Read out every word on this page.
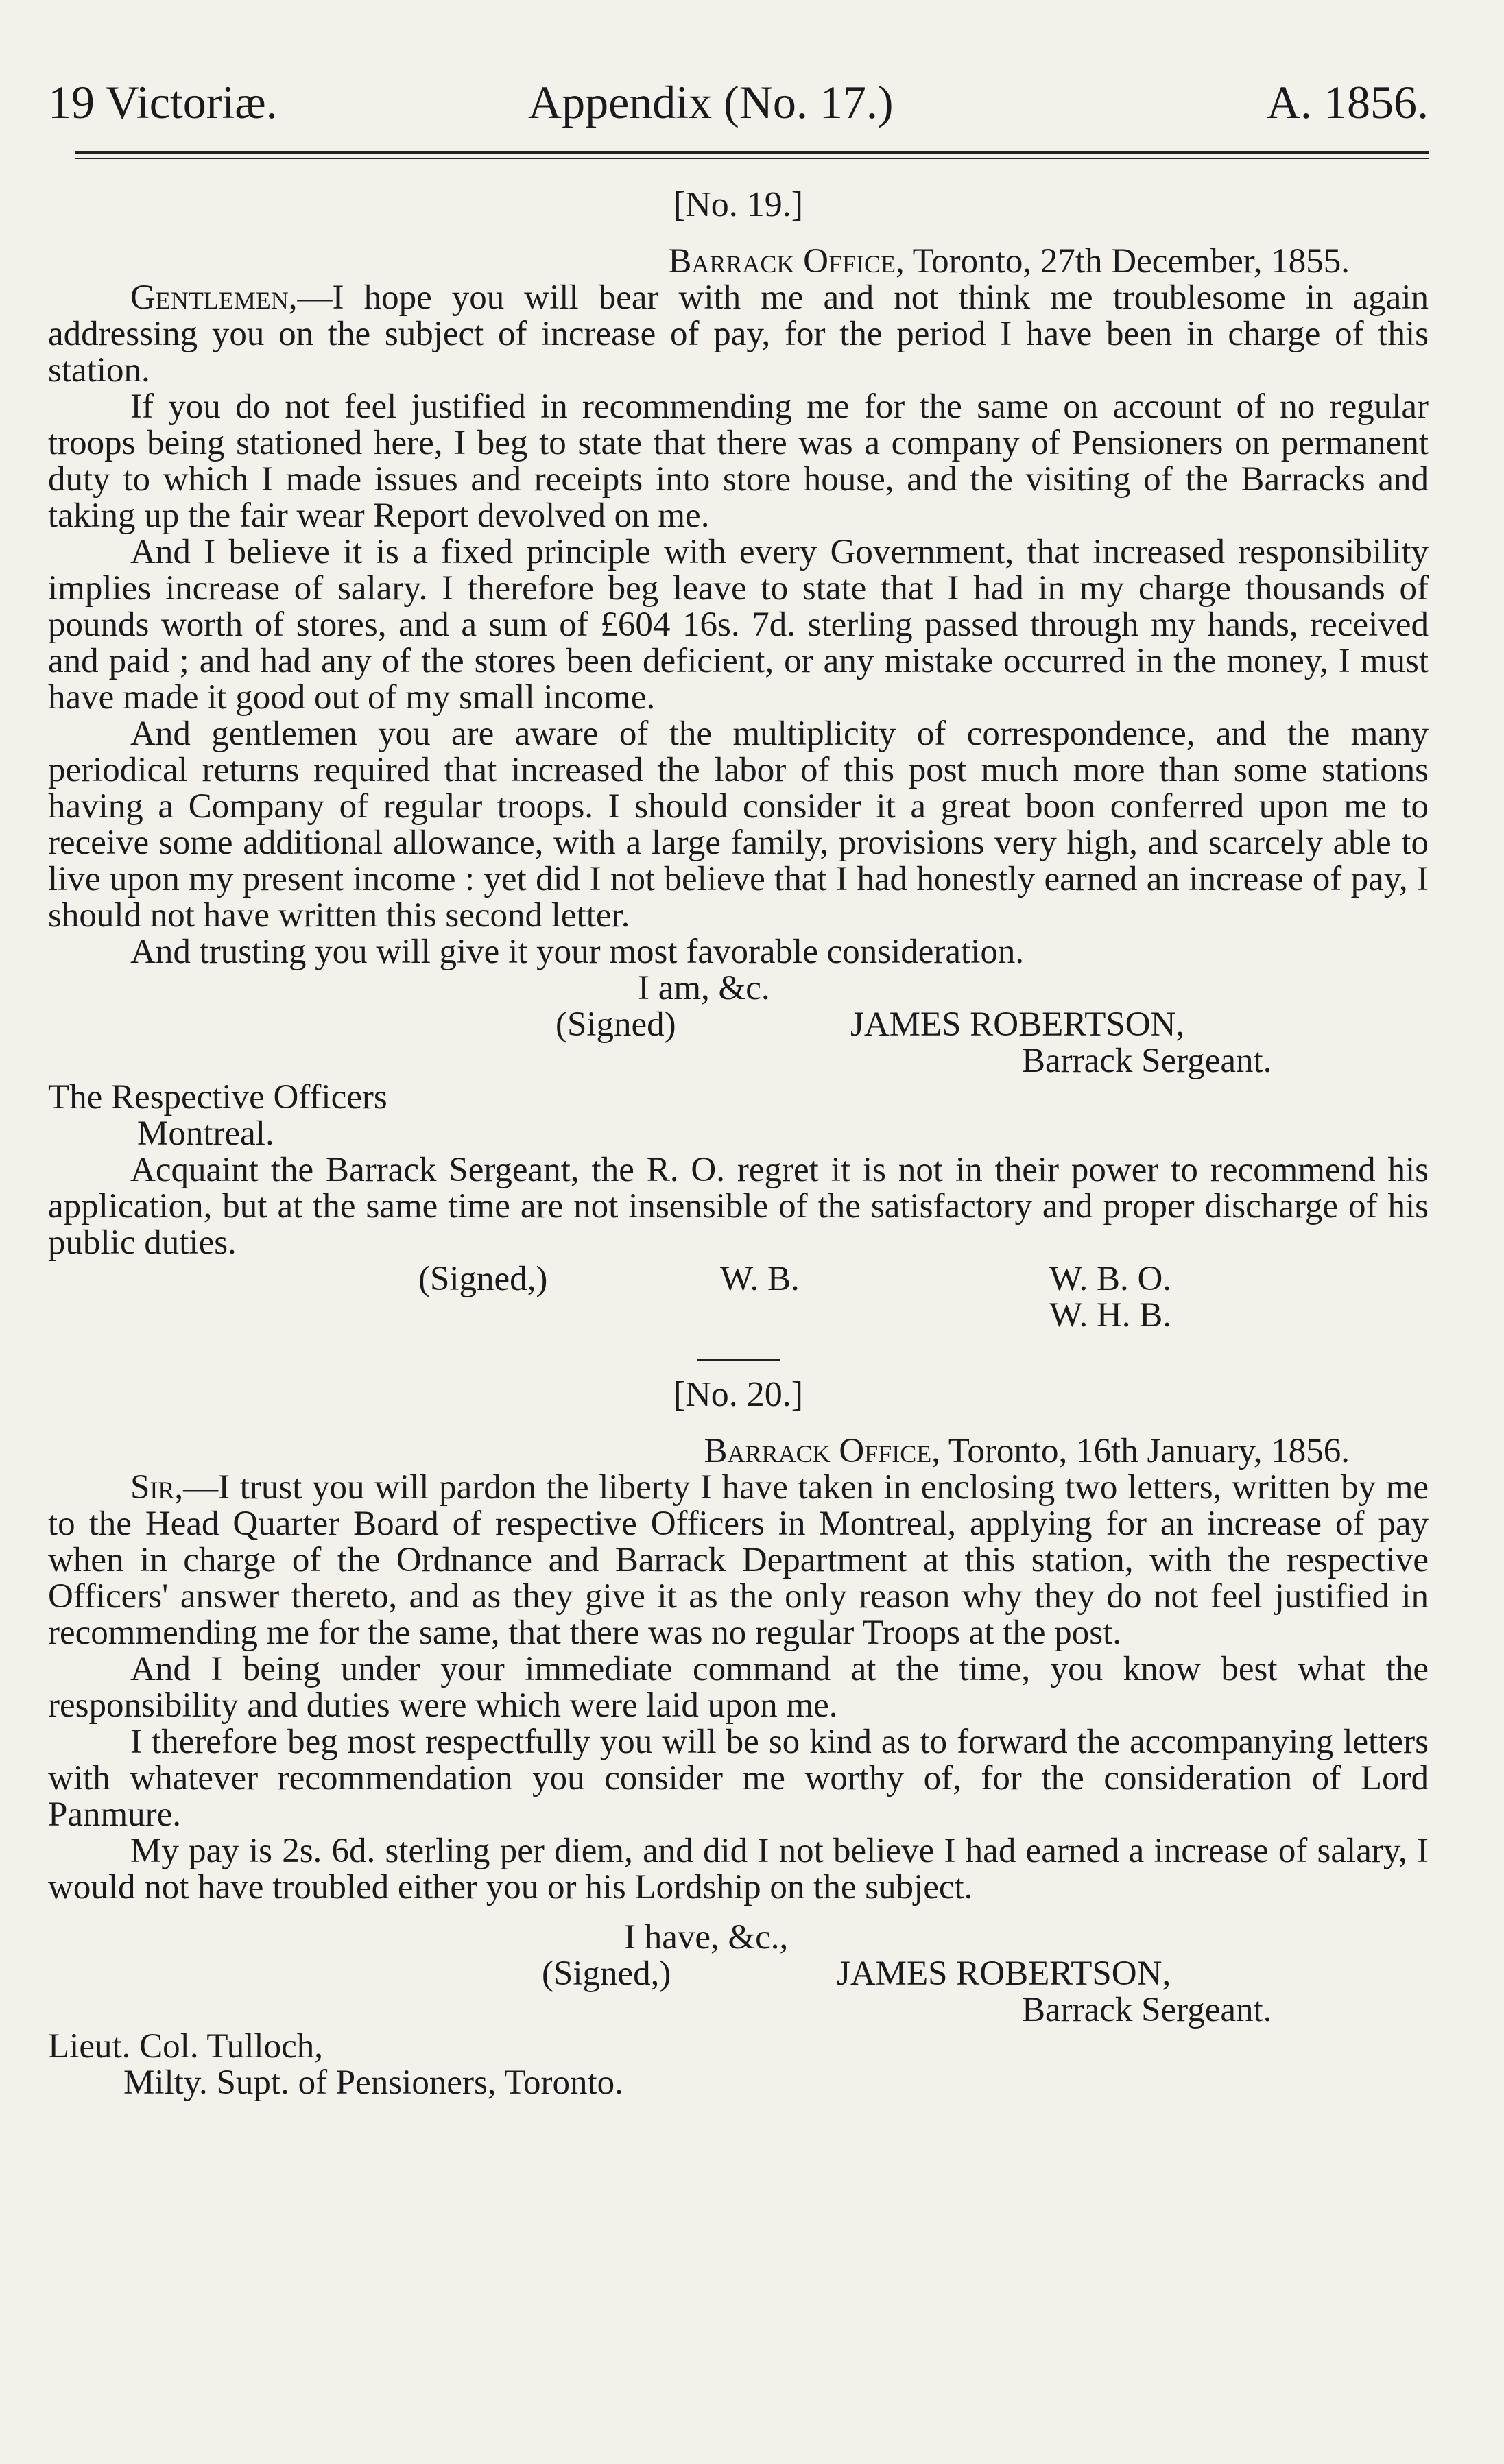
19 Victoriæ.	Appendix (No. 17.)	A. 1856.
[No. 19.]
Barrack Office, Toronto, 27th December, 1855.

Gentlemen,—I hope you will bear with me and not think me troublesome in again addressing you on the subject of increase of pay, for the period I have been in charge of this station.

If you do not feel justified in recommending me for the same on account of no regular troops being stationed here, I beg to state that there was a company of Pensioners on permanent duty to which I made issues and receipts into store house, and the visiting of the Barracks and taking up the fair wear Report devolved on me.

And I believe it is a fixed principle with every Government, that increased responsibility implies increase of salary. I therefore beg leave to state that I had in my charge thousands of pounds worth of stores, and a sum of £604 16s. 7d. sterling passed through my hands, received and paid ; and had any of the stores been deficient, or any mistake occurred in the money, I must have made it good out of my small income.

And gentlemen you are aware of the multiplicity of correspondence, and the many periodical returns required that increased the labor of this post much more than some stations having a Company of regular troops. I should consider it a great boon conferred upon me to receive some additional allowance, with a large family, provisions very high, and scarcely able to live upon my present income : yet did I not believe that I had honestly earned an increase of pay, I should not have written this second letter.

And trusting you will give it your most favorable consideration.

I am, &c.
(Signed)	JAMES ROBERTSON,
Barrack Sergeant.
The Respective Officers
Montreal.

Acquaint the Barrack Sergeant, the R. O. regret it is not in their power to recommend his application, but at the same time are not insensible of the satisfactory and proper discharge of his public duties.

(Signed,)	W. B.	W. B. O.
W. H. B.
[No. 20.]
Barrack Office, Toronto, 16th January, 1856.

Sir,—I trust you will pardon the liberty I have taken in enclosing two letters, written by me to the Head Quarter Board of respective Officers in Montreal, applying for an increase of pay when in charge of the Ordnance and Barrack Department at this station, with the respective Officers' answer thereto, and as they give it as the only reason why they do not feel justified in recommending me for the same, that there was no regular Troops at the post.

And I being under your immediate command at the time, you know best what the responsibility and duties were which were laid upon me.

I therefore beg most respectfully you will be so kind as to forward the accompanying letters with whatever recommendation you consider me worthy of, for the consideration of Lord Panmure.

My pay is 2s. 6d. sterling per diem, and did I not believe I had earned a increase of salary, I would not have troubled either you or his Lordship on the subject.

I have, &c.,
(Signed,)	JAMES ROBERTSON,
Barrack Sergeant.
Lieut. Col. Tulloch,
Milty. Supt. of Pensioners, Toronto.
